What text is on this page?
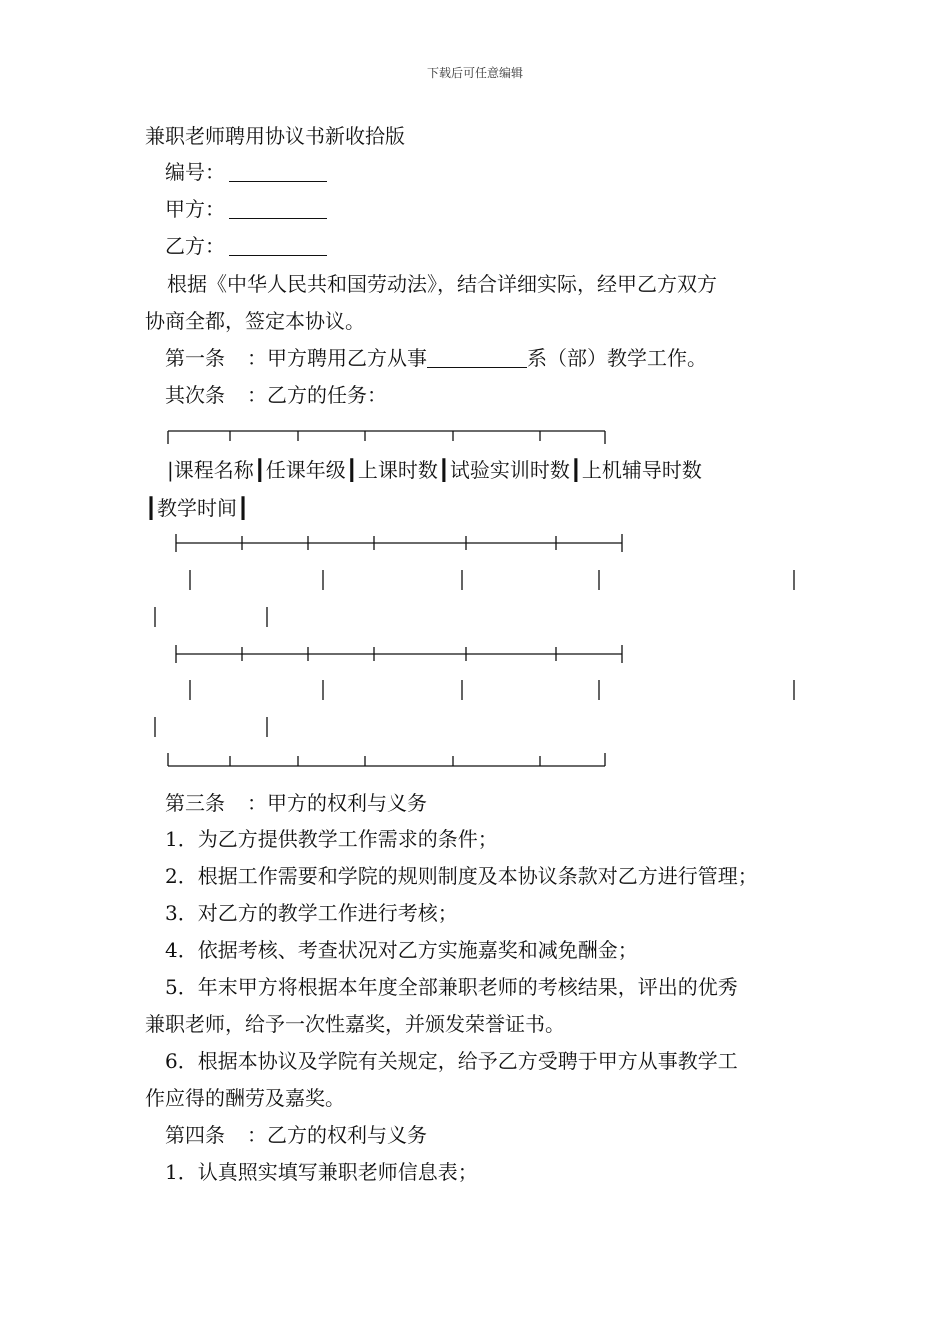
下载后可任意编辑
兼职老师聘用协议书新收拾版
编号：
甲方：
乙方：
根据《中华人民共和国劳动法》，结合详细实际，经甲乙方双方
协商全都，签定本协议。
第一条 ：甲方聘用乙方从事	系（部）教学工作。
其次条 ：乙方的任务：
|课程名称┃任课年级┃上课时数┃试验实训时数┃上机辅导时数
┃教学时间┃
第三条 ：甲方的权利与义务
1．为乙方提供教学工作需求的条件；
2．根据工作需要和学院的规则制度及本协议条款对乙方进行管理；
3．对乙方的教学工作进行考核；
4．依据考核、考查状况对乙方实施嘉奖和减免酬金；
5．年末甲方将根据本年度全部兼职老师的考核结果，评出的优秀
兼职老师，给予一次性嘉奖，并颁发荣誉证书。
6．根据本协议及学院有关规定，给予乙方受聘于甲方从事教学工
作应得的酬劳及嘉奖。
第四条 ：乙方的权利与义务
1．认真照实填写兼职老师信息表；
